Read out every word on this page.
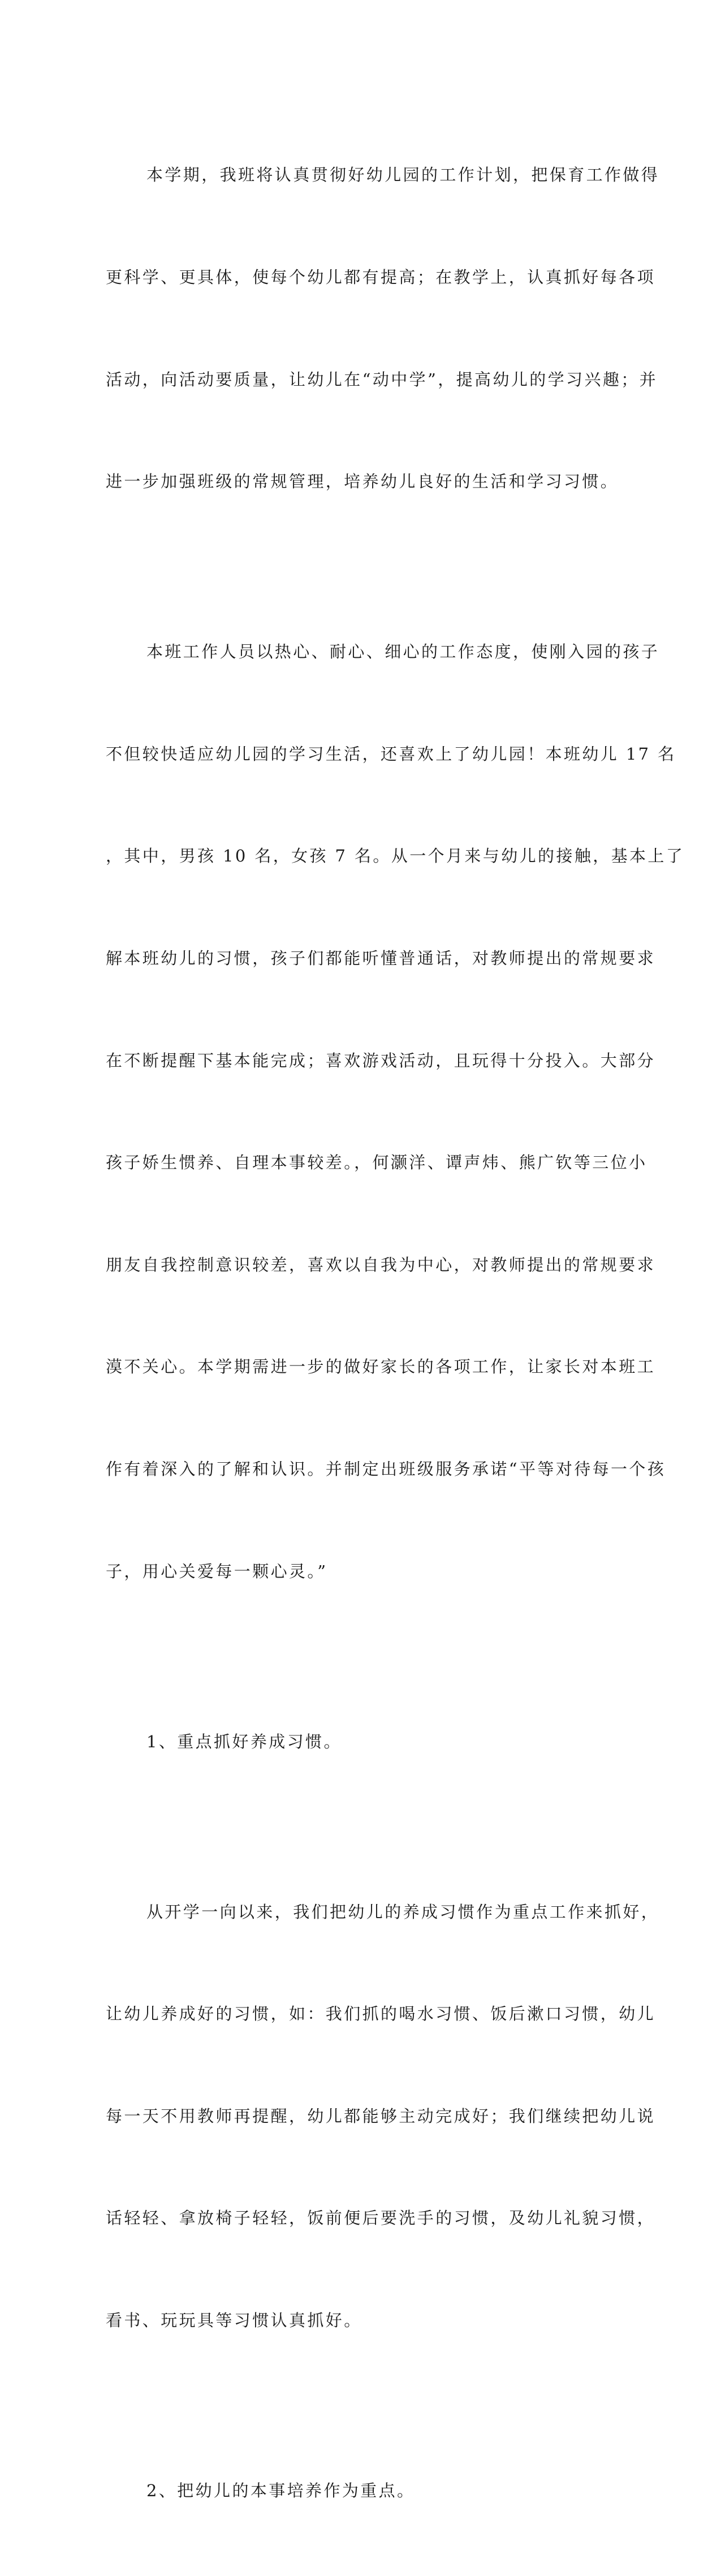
本学期，我班将认真贯彻好幼儿园的工作计划，把保育工作做得

更科学、更具体，使每个幼儿都有提高；在教学上，认真抓好每各项

活动，向活动要质量，让幼儿在“动中学”，提高幼儿的学习兴趣；并

进一步加强班级的常规管理，培养幼儿良好的生活和学习习惯。

本班工作人员以热心、耐心、细心的工作态度，使刚入园的孩子

不但较快适应幼儿园的学习生活，还喜欢上了幼儿园！本班幼儿 17 名

，其中，男孩 10 名，女孩 7 名。从一个月来与幼儿的接触，基本上了

解本班幼儿的习惯，孩子们都能听懂普通话，对教师提出的常规要求

在不断提醒下基本能完成；喜欢游戏活动，且玩得十分投入。大部分

孩子娇生惯养、自理本事较差。，何灏洋、谭声炜、熊广钦等三位小

朋友自我控制意识较差，喜欢以自我为中心，对教师提出的常规要求

漠不关心。本学期需进一步的做好家长的各项工作，让家长对本班工

作有着深入的了解和认识。并制定出班级服务承诺“平等对待每一个孩

子，用心关爱每一颗心灵。”

1、重点抓好养成习惯。

从开学一向以来，我们把幼儿的养成习惯作为重点工作来抓好，

让幼儿养成好的习惯，如：我们抓的喝水习惯、饭后漱口习惯，幼儿

每一天不用教师再提醒，幼儿都能够主动完成好；我们继续把幼儿说

话轻轻、拿放椅子轻轻，饭前便后要洗手的习惯，及幼儿礼貌习惯，

看书、玩玩具等习惯认真抓好。

2、把幼儿的本事培养作为重点。
